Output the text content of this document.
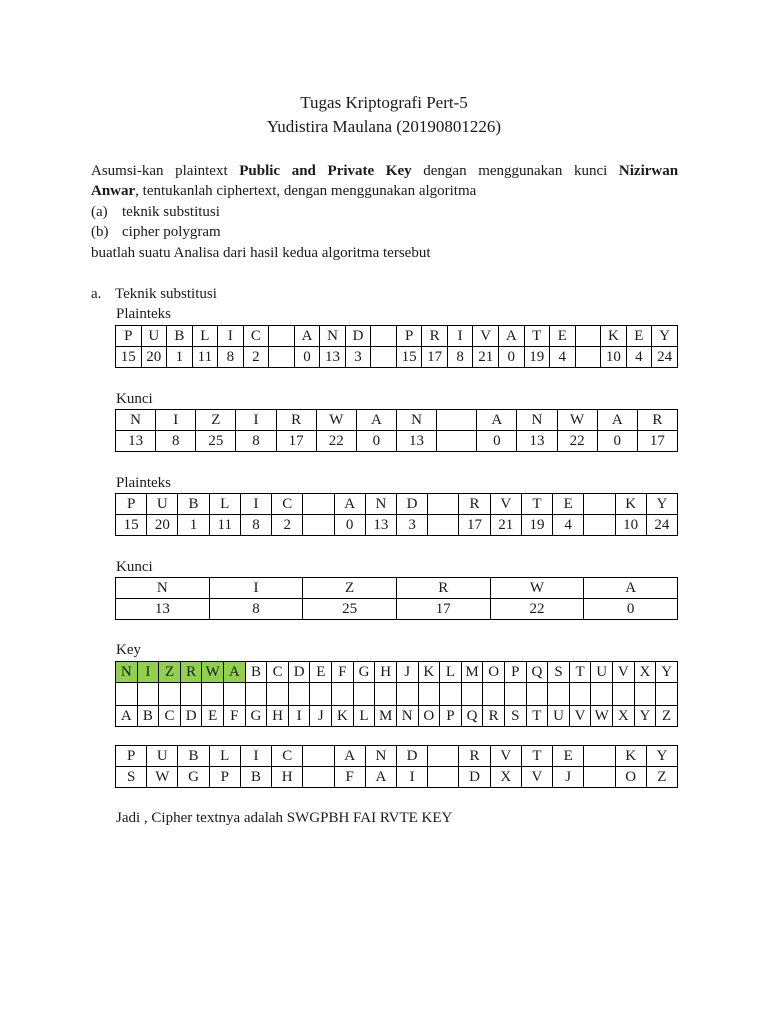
Tugas Kriptografi Pert-5
Yudistira Maulana (20190801226)
Asumsi-kan plaintext Public and Private Key dengan menggunakan kunci Nizirwan
Anwar, tentukanlah ciphertext, dengan menggunakan algoritma
(a) teknik substitusi
(b) cipher polygram
buatlah suatu Analisa dari hasil kedua algoritma tersebut
a. Teknik substitusi
Plainteks
P	U	B	L	I	C		A	N	D		P	R	I	V	A	T	E		K	E	Y
15	20	1	11	8	2		0	13	3		15	17	8	21	0	19	4		10	4	24
Kunci
N	I	Z	I	R	W	A	N		A	N	W	A	R
13	8	25	8	17	22	0	13		0	13	22	0	17
Plainteks
P	U	B	L	I	C		A	N	D		R	V	T	E		K	Y
15	20	1	11	8	2		0	13	3		17	21	19	4		10	24
Kunci
N	I	Z	R	W	A
13	8	25	17	22	0
Key
N	I	Z	R	W	A	B	C	D	E	F	G	H	J	K	L	M	O	P	Q	S	T	U	V	X	Y

A	B	C	D	E	F	G	H	I	J	K	L	M	N	O	P	Q	R	S	T	U	V	W	X	Y	Z
P	U	B	L	I	C		A	N	D		R	V	T	E		K	Y
S	W	G	P	B	H		F	A	I		D	X	V	J		O	Z
Jadi , Cipher textnya adalah SWGPBH FAI RVTE KEY
